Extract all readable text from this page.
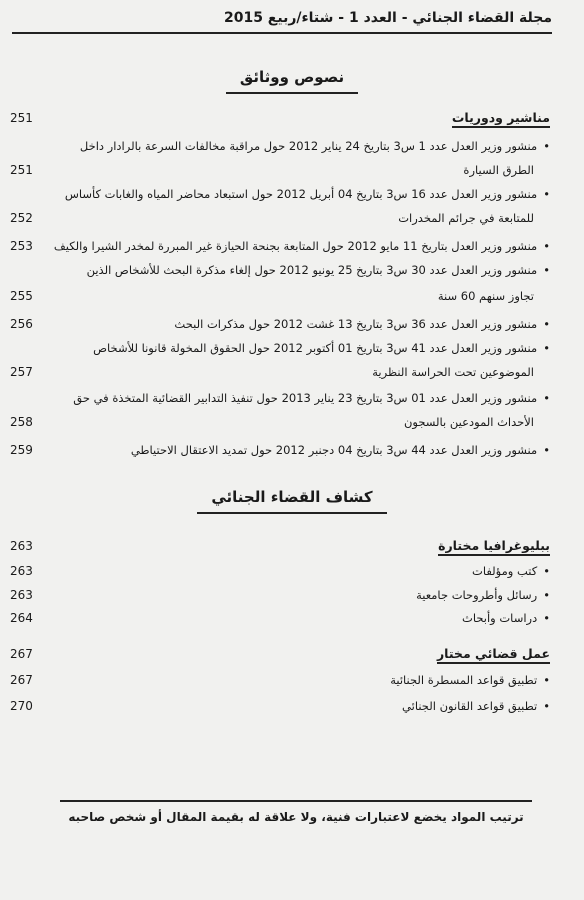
مجلة القضاء الجنائي - العدد 1 - شتاء/ربيع 2015
نصوص ووثائق
مناشير ودوريات
251
• منشور وزير العدل عدد 1 س3 بتاريخ 24 يناير 2012 حول مراقبة مخالفات السرعة بالرادار داخل
الطرق السيارة
251
• منشور وزير العدل عدد 16 س3 بتاريخ 04 أبريل 2012 حول استبعاد محاضر المياه والغابات كأساس
للمتابعة في جرائم المخدرات
252
• منشور وزير العدل بتاريخ 11 مايو 2012 حول المتابعة بجنحة الحيازة غير المبررة لمخدر الشيرا والكيف
253
• منشور وزير العدل عدد 30 س3 بتاريخ 25 يونيو 2012 حول إلغاء مذكرة البحث للأشخاص الذين
تجاوز سنهم 60 سنة
255
• منشور وزير العدل عدد 36 س3 بتاريخ 13 غشت 2012 حول مذكرات البحث
256
• منشور وزير العدل عدد 41 س3 بتاريخ 01 أكتوبر 2012 حول الحقوق المخولة قانونا للأشخاص
الموضوعين تحت الحراسة النظرية
257
• منشور وزير العدل عدد 01 س3 بتاريخ 23 يناير 2013 حول تنفيذ التدابير القضائية المتخذة في حق
الأحداث المودعين بالسجون
258
• منشور وزير العدل عدد 44 س3 بتاريخ 04 دجنبر 2012 حول تمديد الاعتقال الاحتياطي
259
كشاف القضاء الجنائي
ببليوغرافيا مختارة
263
• كتب ومؤلفات
263
• رسائل وأطروحات جامعية
263
• دراسات وأبحاث
264
عمل قضائي مختار
267
• تطبيق قواعد المسطرة الجنائية
267
• تطبيق قواعد القانون الجنائي
270
ترتيب المواد يخضع لاعتبارات فنية، ولا علاقة له بقيمة المقال أو شخص صاحبه
